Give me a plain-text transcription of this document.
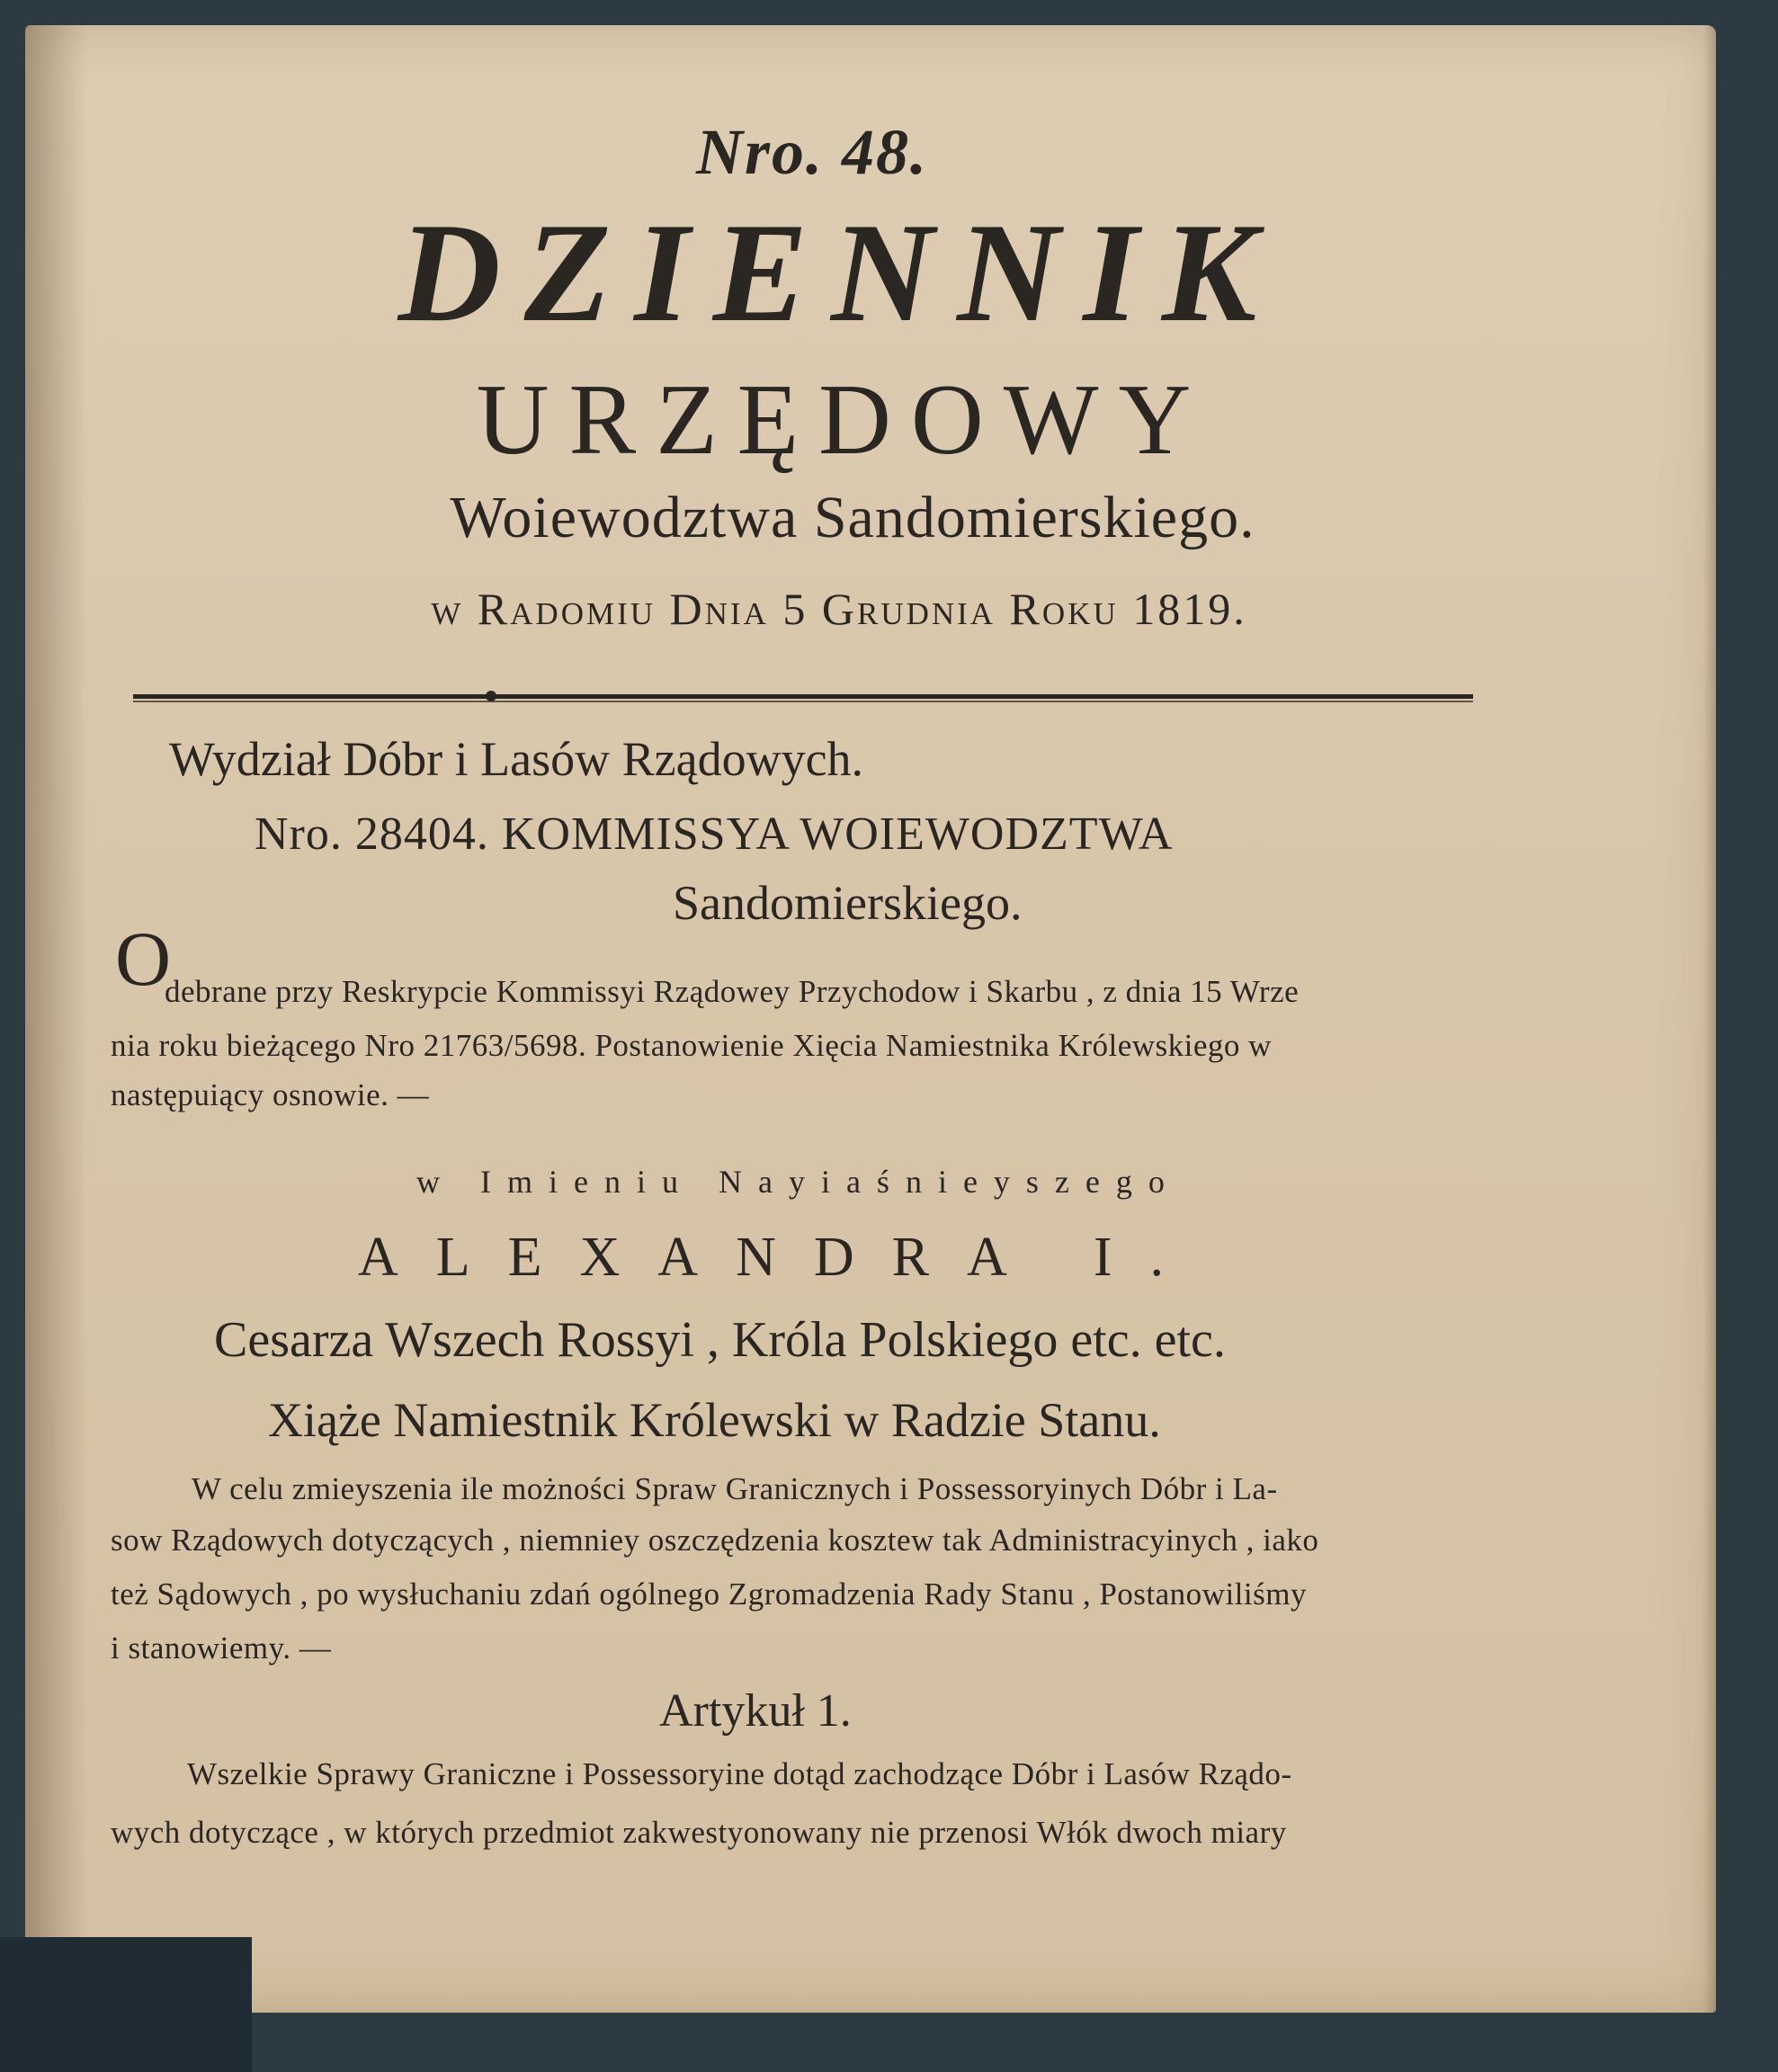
Nro. 48.
DZIENNIK
URZĘDOWY
Woiewodztwa Sandomierskiego.
w Radomiu Dnia 5 Grudnia Roku 1819.
Wydział Dóbr i Lasów Rządowych.
Nro. 28404. KOMMISSYA WOIEWODZTWA
Sandomierskiego.
O
debrane przy Reskrypcie Kommissyi Rządowey Przychodow i Skarbu , z dnia 15 Wrze
nia roku bieżącego Nro 21763/5698. Postanowienie Xięcia Namiestnika Królewskiego w
następuiący osnowie. —
w Imieniu Nayiaśnieyszego
ALEXANDRA I.
Cesarza Wszech Rossyi , Króla Polskiego etc. etc.
Xiąże Namiestnik Królewski w Radzie Stanu.
W celu zmieyszenia ile możności Spraw Granicznych i Possessoryinych Dóbr i La-
sow Rządowych dotyczących , niemniey oszczędzenia kosztew tak Administracyinych , iako
też Sądowych , po wysłuchaniu zdań ogólnego Zgromadzenia Rady Stanu , Postanowiliśmy
i stanowiemy. —
Artykuł 1.
Wszelkie Sprawy Graniczne i Possessoryine dotąd zachodzące Dóbr i Lasów Rządo-
wych dotyczące , w których przedmiot zakwestyonowany nie przenosi Włók dwoch miary
